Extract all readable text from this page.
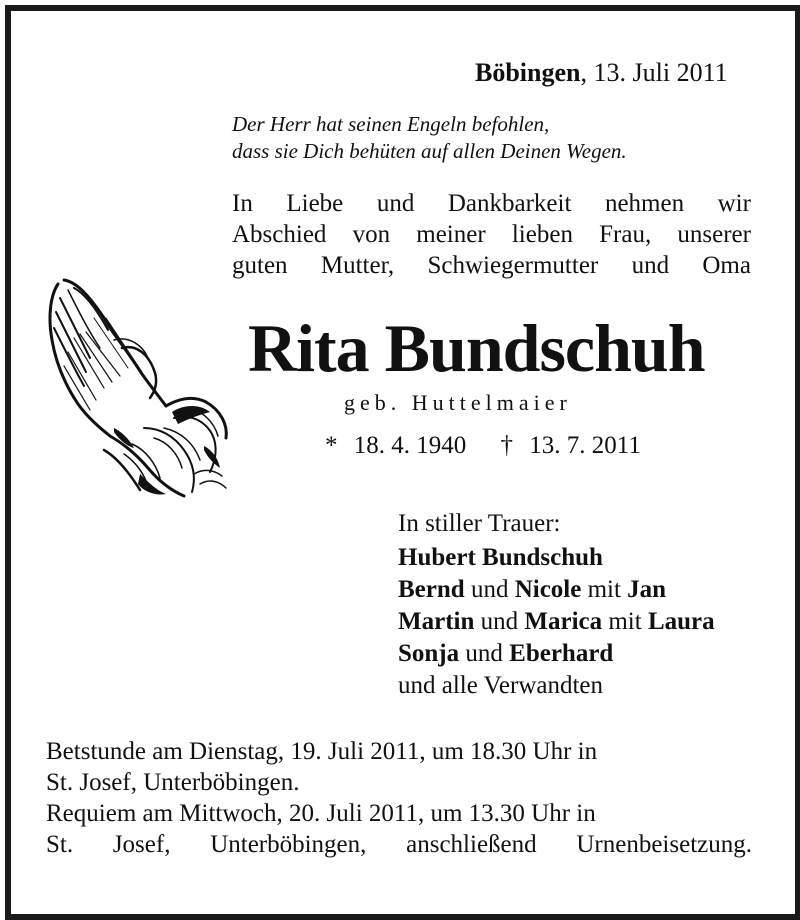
Böbingen, 13. Juli 2011
Der Herr hat seinen Engeln befohlen,
dass sie Dich behüten auf allen Deinen Wegen.
In Liebe und Dankbarkeit nehmen wir
Abschied von meiner lieben Frau, unserer
guten Mutter, Schwiegermutter und Oma
Rita Bundschuh
geb. Huttelmaier
* 18. 4. 1940 † 13. 7. 2011
In stiller Trauer:
Hubert Bundschuh
Bernd und Nicole mit Jan
Martin und Marica mit Laura
Sonja und Eberhard
und alle Verwandten
Betstunde am Dienstag, 19. Juli 2011, um 18.30 Uhr in
St. Josef, Unterböbingen.
Requiem am Mittwoch, 20. Juli 2011, um 13.30 Uhr in
St. Josef, Unterböbingen, anschließend Urnenbeisetzung.
